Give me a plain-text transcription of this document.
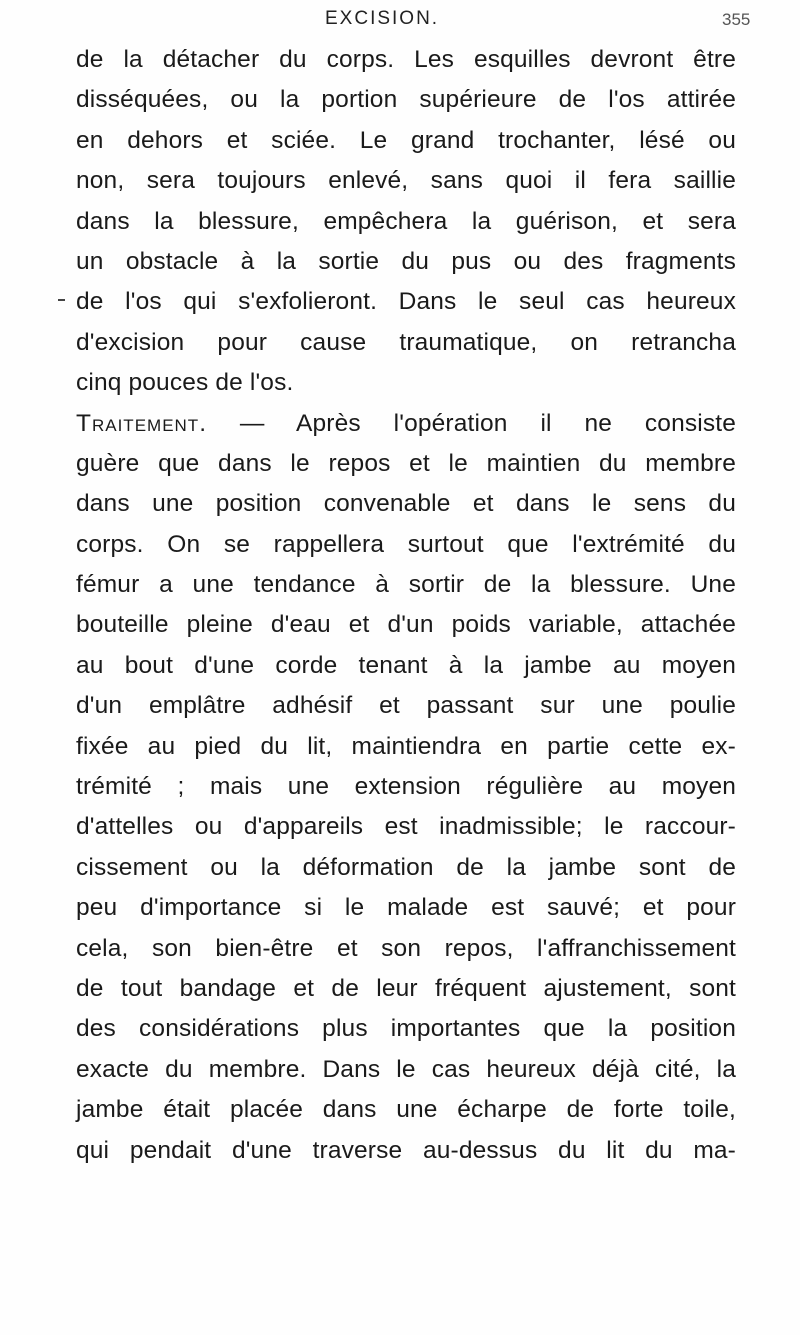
EXCISION.	355
de la détacher du corps. Les esquilles devront être
disséquées, ou la portion supérieure de l'os attirée
en dehors et sciée. Le grand trochanter, lésé ou
non, sera toujours enlevé, sans quoi il fera saillie
dans la blessure, empêchera la guérison, et sera
un obstacle à la sortie du pus ou des fragments
de l'os qui s'exfolieront. Dans le seul cas heureux
d'excision pour cause traumatique, on retrancha
cinq pouces de l'os.
Traitement. — Après l'opération il ne consiste
guère que dans le repos et le maintien du membre
dans une position convenable et dans le sens du
corps. On se rappellera surtout que l'extrémité du
fémur a une tendance à sortir de la blessure. Une
bouteille pleine d'eau et d'un poids variable, attachée
au bout d'une corde tenant à la jambe au moyen
d'un emplâtre adhésif et passant sur une poulie
fixée au pied du lit, maintiendra en partie cette ex-
trémité ; mais une extension régulière au moyen
d'attelles ou d'appareils est inadmissible; le raccour-
cissement ou la déformation de la jambe sont de
peu d'importance si le malade est sauvé; et pour
cela, son bien-être et son repos, l'affranchissement
de tout bandage et de leur fréquent ajustement, sont
des considérations plus importantes que la position
exacte du membre. Dans le cas heureux déjà cité, la
jambe était placée dans une écharpe de forte toile,
qui pendait d'une traverse au-dessus du lit du ma-
